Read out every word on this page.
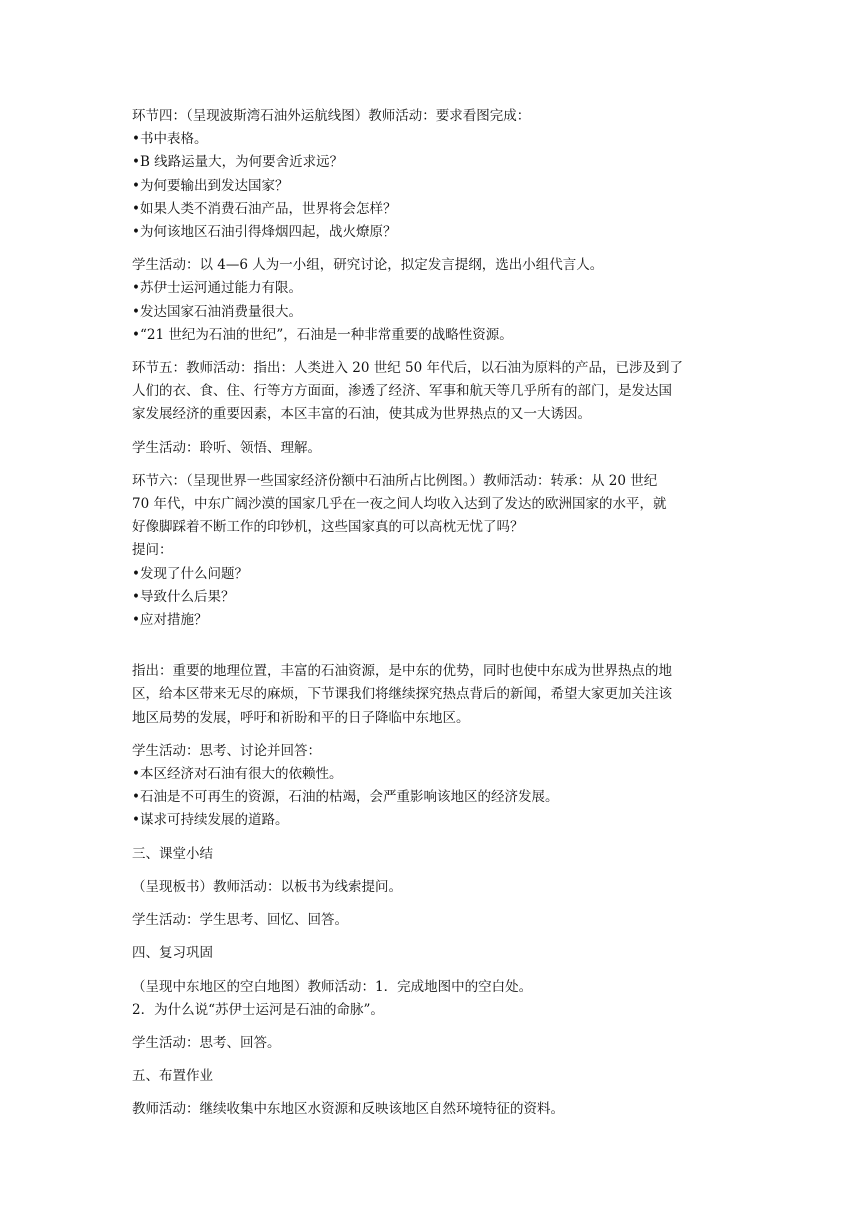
环节四：（呈现波斯湾石油外运航线图）教师活动：要求看图完成：
•书中表格。
•B 线路运量大，为何要舍近求远？
•为何要输出到发达国家？
•如果人类不消费石油产品，世界将会怎样？
•为何该地区石油引得烽烟四起，战火燎原？
学生活动：以 4—6 人为一小组，研究讨论，拟定发言提纲，选出小组代言人。
•苏伊士运河通过能力有限。
•发达国家石油消费量很大。
•“21 世纪为石油的世纪”，石油是一种非常重要的战略性资源。
环节五：教师活动：指出：人类进入 20 世纪 50 年代后，以石油为原料的产品，已涉及到了
人们的衣、食、住、行等方方面面，渗透了经济、军事和航天等几乎所有的部门，是发达国
家发展经济的重要因素，本区丰富的石油，使其成为世界热点的又一大诱因。
学生活动：聆听、领悟、理解。
环节六：（呈现世界一些国家经济份额中石油所占比例图。）教师活动：转承：从 20 世纪
70 年代，中东广阔沙漠的国家几乎在一夜之间人均收入达到了发达的欧洲国家的水平，就
好像脚踩着不断工作的印钞机，这些国家真的可以高枕无忧了吗？
提问：
•发现了什么问题？
•导致什么后果？
•应对措施？
指出：重要的地理位置，丰富的石油资源，是中东的优势，同时也使中东成为世界热点的地
区，给本区带来无尽的麻烦，下节课我们将继续探究热点背后的新闻，希望大家更加关注该
地区局势的发展，呼吁和祈盼和平的日子降临中东地区。
学生活动：思考、讨论并回答：
•本区经济对石油有很大的依赖性。
•石油是不可再生的资源，石油的枯竭，会严重影响该地区的经济发展。
•谋求可持续发展的道路。
三、课堂小结
（呈现板书）教师活动：以板书为线索提问。
学生活动：学生思考、回忆、回答。
四、复习巩固
（呈现中东地区的空白地图）教师活动：1．完成地图中的空白处。
2．为什么说“苏伊士运河是石油的命脉”。
学生活动：思考、回答。
五、布置作业
教师活动：继续收集中东地区水资源和反映该地区自然环境特征的资料。
